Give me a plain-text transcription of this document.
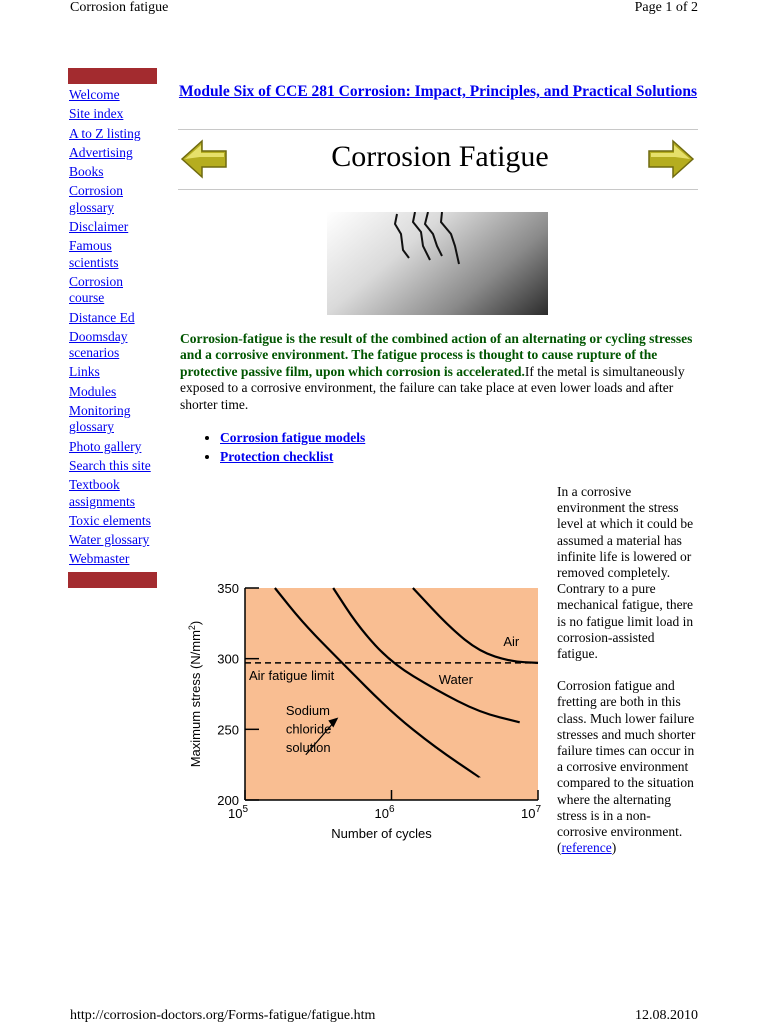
Corrosion fatigue	Page 1 of 2
Welcome
Site index
A to Z listing
Advertising
Books
Corrosion glossary
Disclaimer
Famous scientists
Corrosion course
Distance Ed
Doomsday scenarios
Links
Modules
Monitoring glossary
Photo gallery
Search this site
Textbook assignments
Toxic elements
Water glossary
Webmaster
Module Six of CCE 281 Corrosion: Impact, Principles, and Practical Solutions
Corrosion Fatigue
Corrosion-fatigue is the result of the combined action of an alternating or cycling stresses and a corrosive environment. The fatigue process is thought to cause rupture of the protective passive film, upon which corrosion is accelerated.If the metal is simultaneously exposed to a corrosive environment, the failure can take place at even lower loads and after shorter time.
• Corrosion fatigue models
• Protection checklist
350
300
250
200
$10^5$	$10^6$	$10^7$
Air fatigue limit
Air
Water
Sodium
chloride
solution
Number of cycles
Maximum stress $(N/mm^2)$

In a corrosive environment the stress level at which it could be assumed a material has infinite life is lowered or removed completely. Contrary to a pure mechanical fatigue, there is no fatigue limit load in corrosion-assisted fatigue.

Corrosion fatigue and fretting are both in this class. Much lower failure stresses and much shorter failure times can occur in a corrosive environment compared to the situation where the alternating stress is in a non-corrosive environment.
(reference)

http://corrosion-doctors.org/Forms-fatigue/fatigue.htm	12.08.2010
